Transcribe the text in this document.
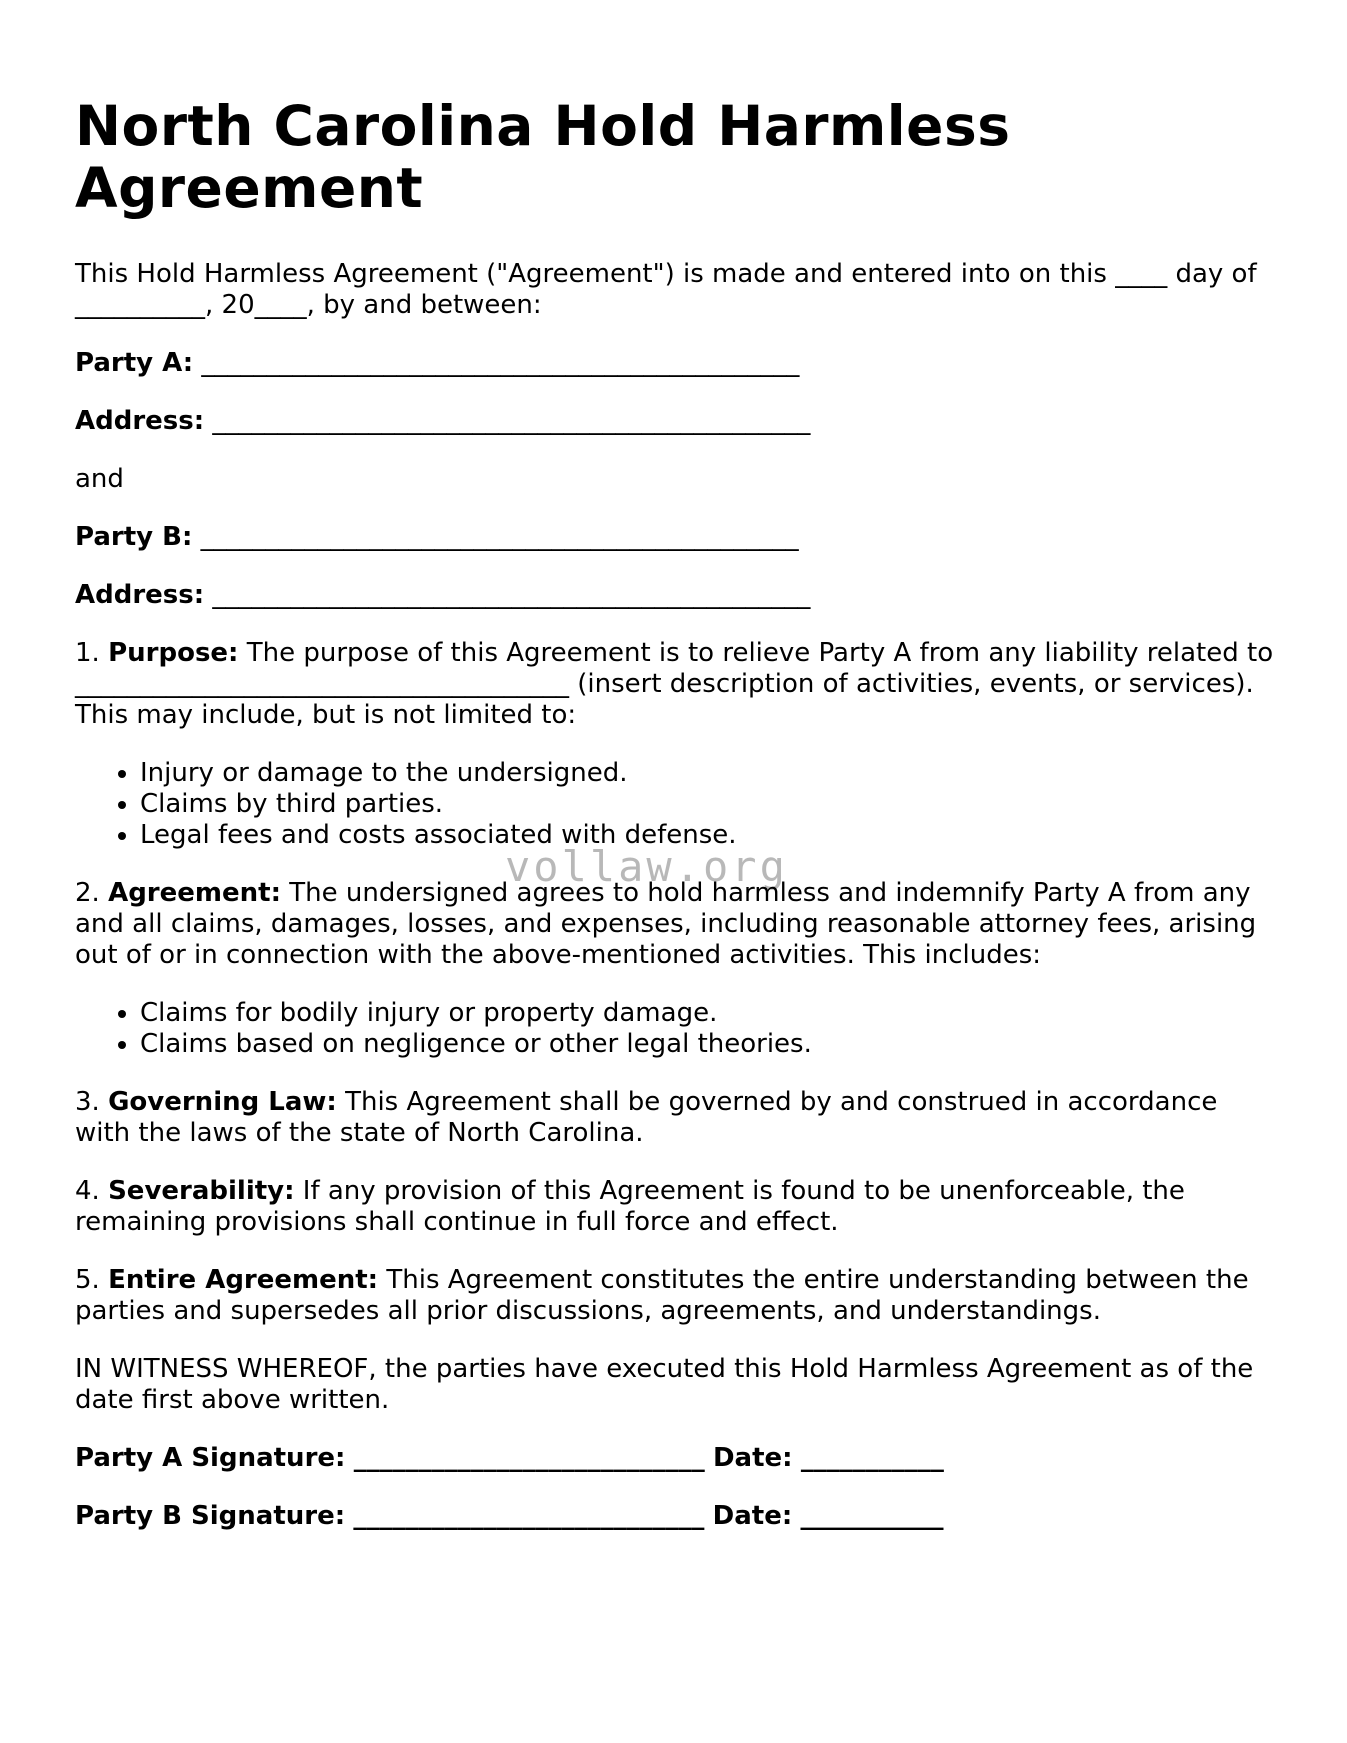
North Carolina Hold Harmless Agreement

This Hold Harmless Agreement ("Agreement") is made and entered into on this ____ day of __________, 20____, by and between:

Party A: ______________________________________________

Address: ______________________________________________

and

Party B: ______________________________________________

Address: ______________________________________________

1. Purpose: The purpose of this Agreement is to relieve Party A from any liability related to ______________________________________ (insert description of activities, events, or services). This may include, but is not limited to:

• Injury or damage to the undersigned.
• Claims by third parties.
• Legal fees and costs associated with defense.

2. Agreement: The undersigned agrees to hold harmless and indemnify Party A from any and all claims, damages, losses, and expenses, including reasonable attorney fees, arising out of or in connection with the above-mentioned activities. This includes:

• Claims for bodily injury or property damage.
• Claims based on negligence or other legal theories.

3. Governing Law: This Agreement shall be governed by and construed in accordance with the laws of the state of North Carolina.

4. Severability: If any provision of this Agreement is found to be unenforceable, the remaining provisions shall continue in full force and effect.

5. Entire Agreement: This Agreement constitutes the entire understanding between the parties and supersedes all prior discussions, agreements, and understandings.

IN WITNESS WHEREOF, the parties have executed this Hold Harmless Agreement as of the date first above written.

Party A Signature: ___________________________ Date: ___________

Party B Signature: ___________________________ Date: ___________

vollaw.org
